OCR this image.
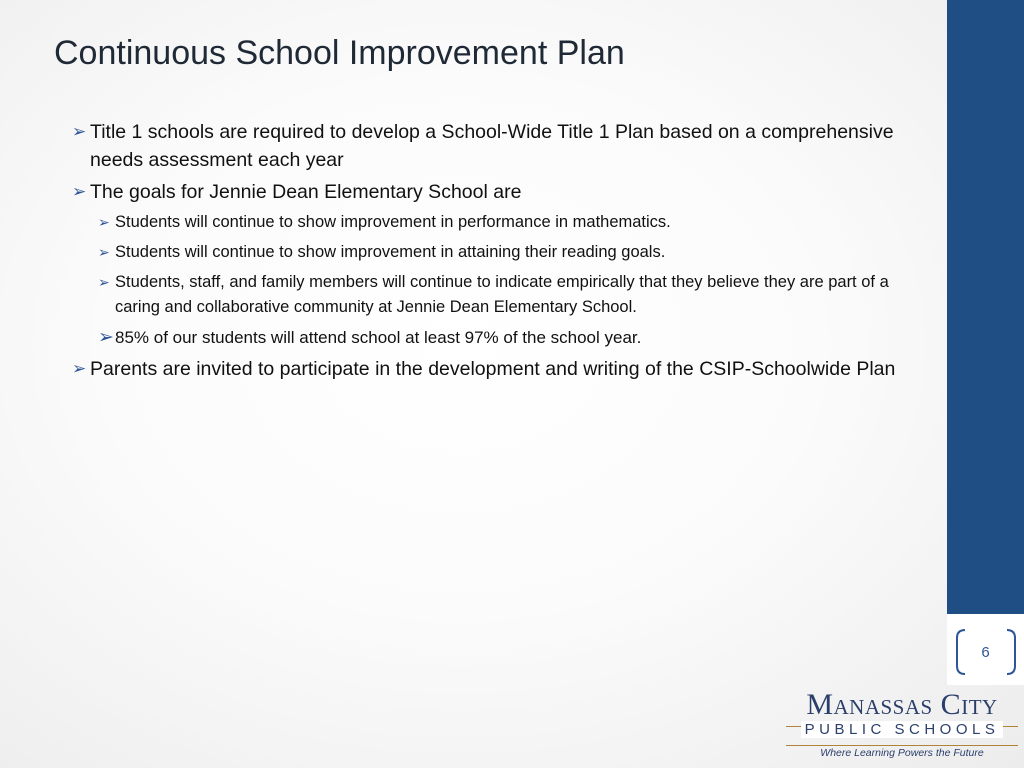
Continuous School Improvement Plan
➢ Title 1 schools are required to develop a School-Wide Title 1 Plan based on a comprehensive needs assessment each year
➢ The goals for Jennie Dean Elementary School are
➢ Students will continue to show improvement in performance in mathematics.
➢ Students will continue to show improvement in attaining their reading goals.
➢ Students, staff, and family members will continue to indicate empirically that they believe they are part of a caring and collaborative community at Jennie Dean Elementary School.
➢ 85% of our students will attend school at least 97% of the school year.
➢ Parents are invited to participate in the development and writing of the CSIP-Schoolwide Plan
6
Manassas City
PUBLIC SCHOOLS
Where Learning Powers the Future
